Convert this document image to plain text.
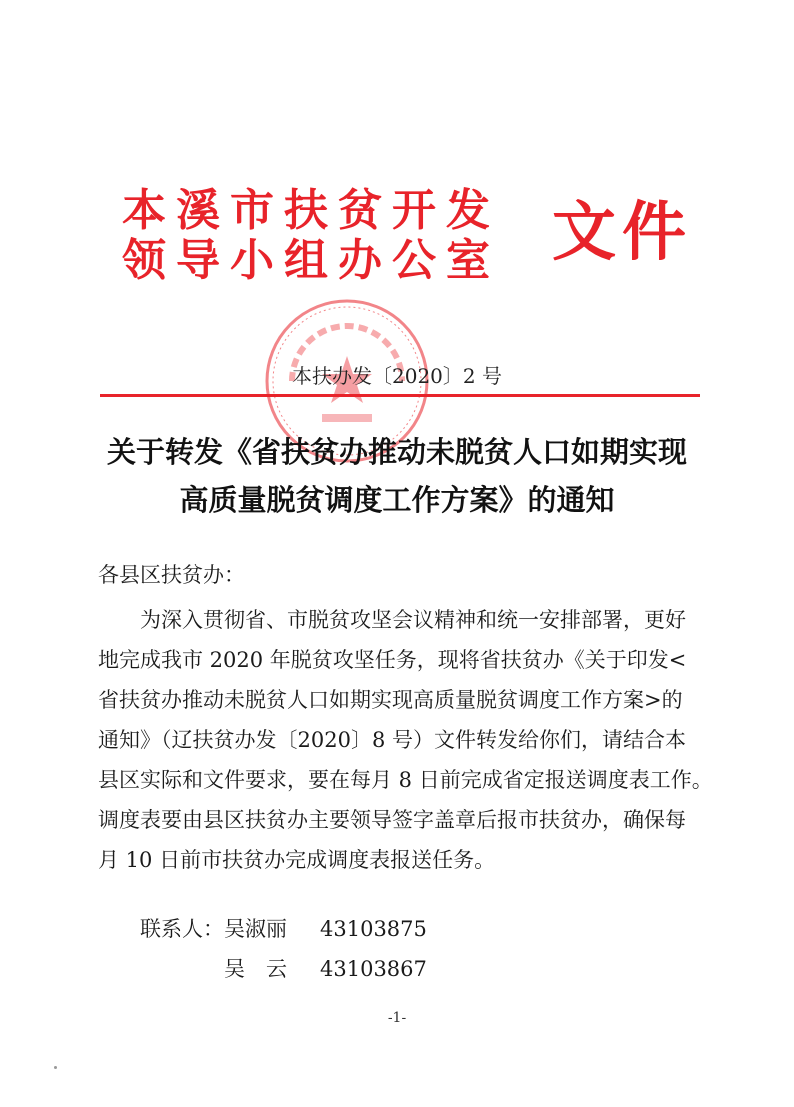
本溪市扶贫开发
领导小组办公室 文件
本扶办发〔2020〕2 号
关于转发《省扶贫办推动未脱贫人口如期实现
高质量脱贫调度工作方案》的通知
各县区扶贫办：
为深入贯彻省、市脱贫攻坚会议精神和统一安排部署，更好
地完成我市 2020 年脱贫攻坚任务，现将省扶贫办《关于印发<
省扶贫办推动未脱贫人口如期实现高质量脱贫调度工作方案>的
通知》（辽扶贫办发〔2020〕8 号）文件转发给你们，请结合本
县区实际和文件要求，要在每月 8 日前完成省定报送调度表工作。
调度表要由县区扶贫办主要领导签字盖章后报市扶贫办，确保每
月 10 日前市扶贫办完成调度表报送任务。
联系人：吴淑丽 43103875
吴　云 43103867
-1-
